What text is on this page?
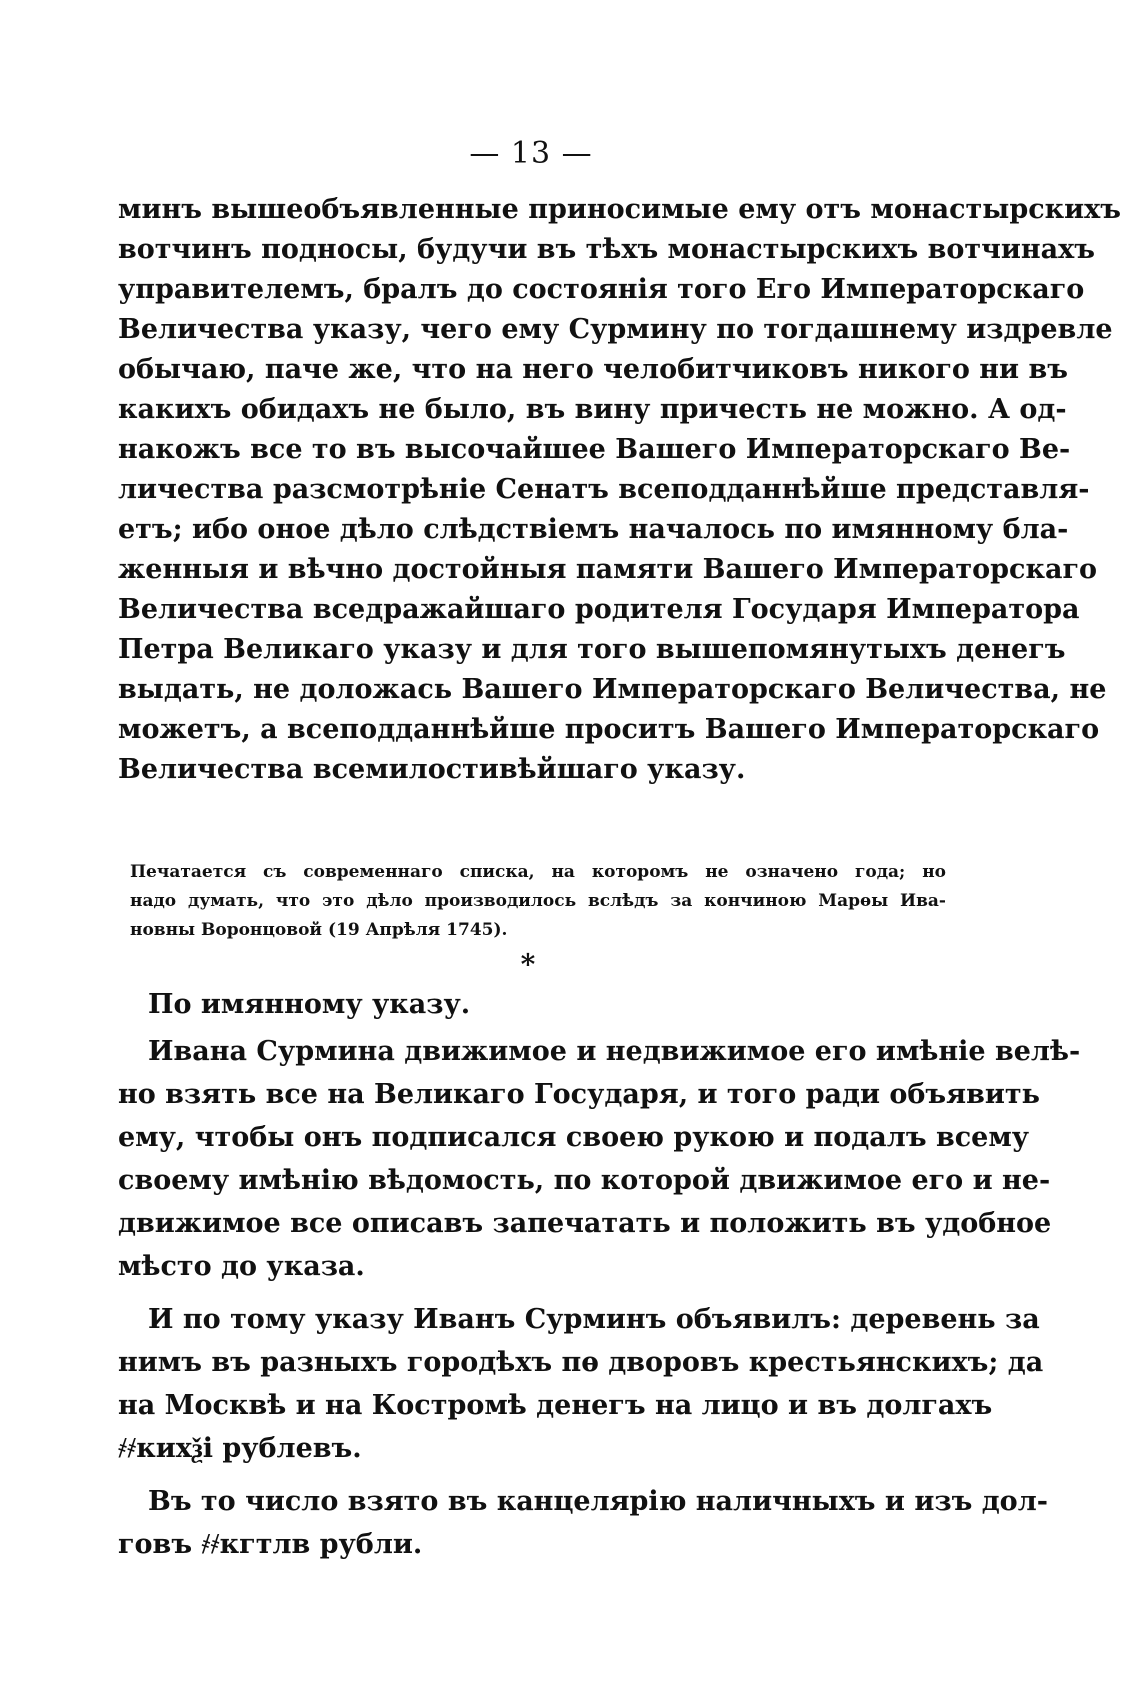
— 13 —
минъ вышеобъявленные приносимые ему отъ монастырскихъ
вотчинъ подносы, будучи въ тѣхъ монастырскихъ вотчинахъ
управителемъ, бралъ до состоянія того Его Императорскаго
Величества указу, чего ему Сурмину по тогдашнему издревле
обычаю, паче же, что на него челобитчиковъ никого ни въ
какихъ обидахъ не было, въ вину причесть не можно. А од-
накожъ все то въ высочайшее Вашего Императорскаго Ве-
личества разсмотрѣніе Сенатъ всеподданнѣйше представля-
етъ; ибо оное дѣло слѣдствіемъ началось по имянному бла-
женныя и вѣчно достойныя памяти Вашего Императорскаго
Величества вседражайшаго родителя Государя Императора
Петра Великаго указу и для того вышепомянутыхъ денегъ
выдать, не доложась Вашего Императорскаго Величества, не
можетъ, а всеподданнѣйше проситъ Вашего Императорскаго
Величества всемилостивѣйшаго указу.
Печатается съ современнаго списка, на которомъ не означено года; но
надо думать, что это дѣло производилось вслѣдъ за кончиною Марѳы Ива-
новны Воронцовой (19 Апрѣля 1745).
*
По имянному указу.
Ивана Сурмина движимое и недвижимое его имѣніе велѣ-
но взять все на Великаго Государя, и того ради объявить
ему, чтобы онъ подписался своею рукою и подалъ всему
своему имѣнію вѣдомость, по которой движимое его и не-
движимое все описавъ запечатать и положить въ удобное
мѣсто до указа.
И по тому указу Иванъ Сурминъ объявилъ: деревень за
нимъ въ разныхъ городѣхъ пѳ дворовъ крестьянскихъ; да
на Москвѣ и на Костромѣ денегъ на лицо и въ долгахъ
҂҂кихѯі рублевъ.
Въ то число взято въ канцелярію наличныхъ и изъ дол-
говъ ҂҂кгтлв рубли.
